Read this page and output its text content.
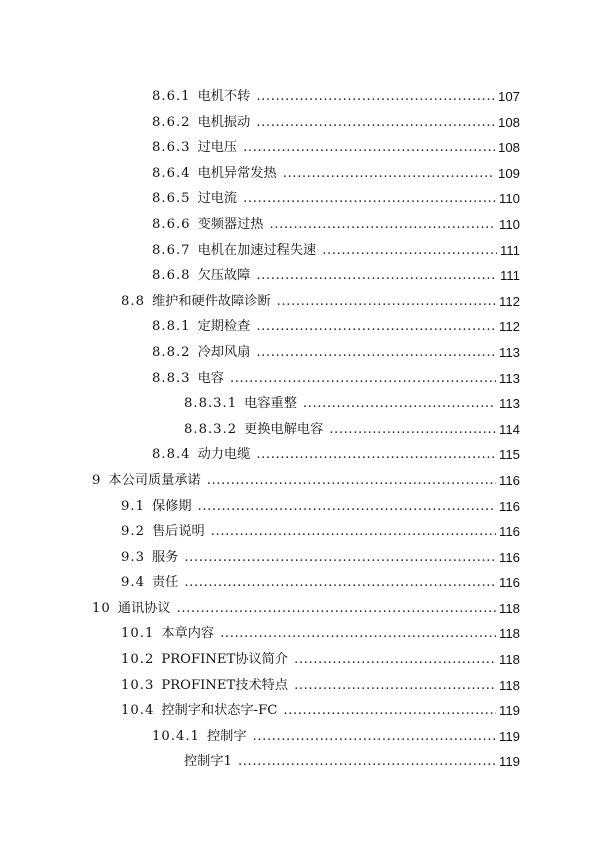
8.6.1 电机不转 .....	107
8.6.2 电机振动 .....	108
8.6.3 过电压 .....	108
8.6.4 电机异常发热 .....	109
8.6.5 过电流 .....	110
8.6.6 变频器过热 .....	110
8.6.7 电机在加速过程失速 .....	111
8.6.8 欠压故障 .....	111
8.8 维护和硬件故障诊断 .....	112
8.8.1 定期检查 .....	112
8.8.2 冷却风扇 .....	113
8.8.3 电容 .....	113
8.8.3.1 电容重整 .....	113
8.8.3.2 更换电解电容 .....	114
8.8.4 动力电缆 .....	115
9 本公司质量承诺 .....	116
9.1 保修期 .....	116
9.2 售后说明 .....	116
9.3 服务 .....	116
9.4 责任 .....	116
10 通讯协议 .....	118
10.1 本章内容 .....	118
10.2 PROFINET协议简介 .....	118
10.3 PROFINET技术特点 .....	118
10.4 控制字和状态字-FC .....	119
10.4.1 控制字 .....	119
控制字1 .....	119
